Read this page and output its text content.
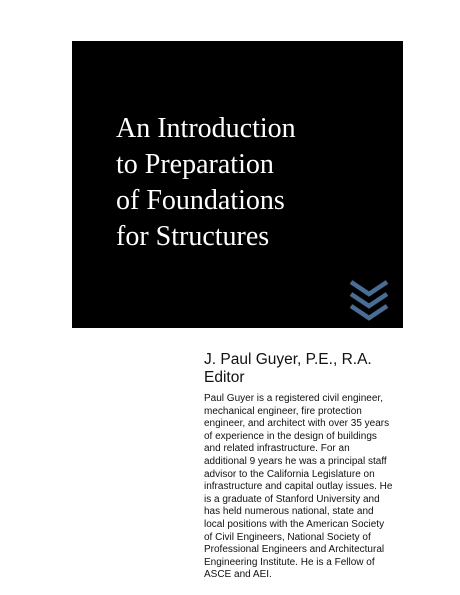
An Introduction
to Preparation
of Foundations
for Structures
J. Paul Guyer, P.E., R.A.
Editor
Paul Guyer is a registered civil engineer,
mechanical engineer, fire protection
engineer, and architect with over 35 years
of experience in the design of buildings
and related infrastructure. For an
additional 9 years he was a principal staff
advisor to the California Legislature on
infrastructure and capital outlay issues. He
is a graduate of Stanford University and
has held numerous national, state and
local positions with the American Society
of Civil Engineers, National Society of
Professional Engineers and Architectural
Engineering Institute. He is a Fellow of
ASCE and AEI.
